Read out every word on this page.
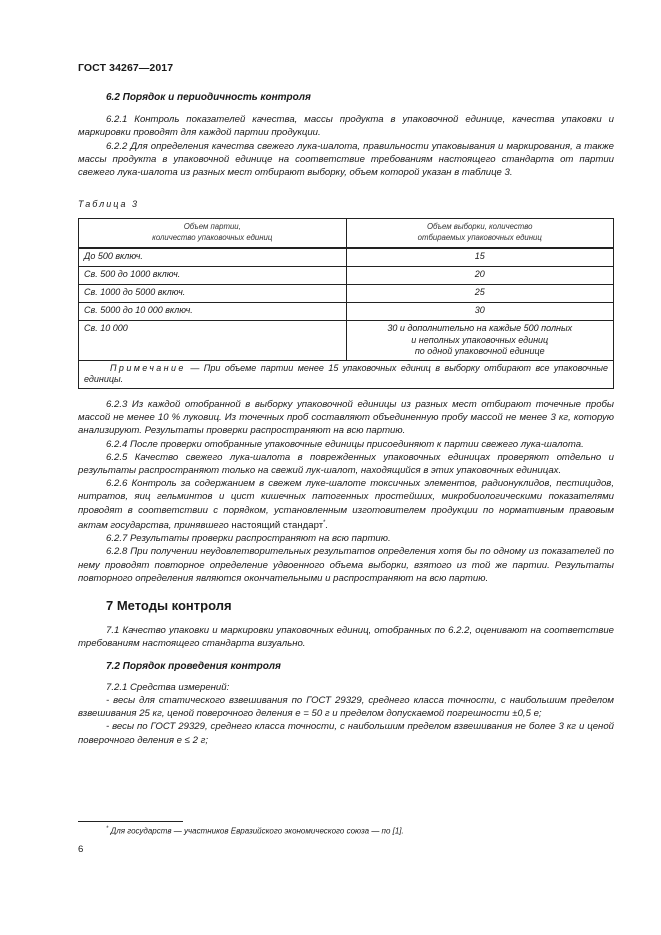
ГОСТ 34267—2017
6.2 Порядок и периодичность контроля

6.2.1 Контроль показателей качества, массы продукта в упаковочной единице, качества упаковки и маркировки проводят для каждой партии продукции.

6.2.2 Для определения качества свежего лука-шалота, правильности упаковывания и маркирования, а также массы продукта в упаковочной единице на соответствие требованиям настоящего стандарта от партии свежего лука-шалота из разных мест отбирают выборку, объем которой указан в таблице 3.

Таблица 3
Объем партии,
количество упаковочных единиц

Объем выборки, количество
отбираемых упаковочных единиц

До 500 включ.	15
Св. 500 до 1000 включ.	20
Св. 1000 до 5000 включ.	25
Св. 5000 до 10 000 включ.	30
Св. 10 000	30 и дополнительно на каждые 500 полных
и неполных упаковочных единиц
по одной упаковочной единице

Примечание — При объеме партии менее 15 упаковочных единиц в выборку отбирают все упаковочные единицы.	

6.2.3 Из каждой отобранной в выборку упаковочной единицы из разных мест отбирают точечные пробы массой не менее 10 % луковиц. Из точечных проб составляют объединенную пробу массой не менее 3 кг, которую анализируют. Результаты проверки распространяют на всю партию.

6.2.4 После проверки отобранные упаковочные единицы присоединяют к партии свежего лука-шалота.

6.2.5 Качество свежего лука-шалота в поврежденных упаковочных единицах проверяют отдельно и результаты распространяют только на свежий лук-шалот, находящийся в этих упаковочных единицах.

6.2.6 Контроль за содержанием в свежем луке-шалоте токсичных элементов, радионуклидов, пестицидов, нитратов, яиц гельминтов и цист кишечных патогенных простейших, микробиологическими показателями проводят в соответствии с порядком, установленным изготовителем продукции по нормативным правовым актам государства, принявшего настоящий стандарт*.

6.2.7 Результаты проверки распространяют на всю партию.

6.2.8 При получении неудовлетворительных результатов определения хотя бы по одному из показателей по нему проводят повторное определение удвоенного объема выборки, взятого из той же партии. Результаты повторного определения являются окончательными и распространяют на всю партию.

7 Методы контроля

7.1 Качество упаковки и маркировки упаковочных единиц, отобранных по 6.2.2, оценивают на соответствие требованиям настоящего стандарта визуально.

7.2 Порядок проведения контроля

7.2.1 Средства измерений:

- весы для статического взвешивания по ГОСТ 29329, среднего класса точности, с наибольшим пределом взвешивания 25 кг, ценой поверочного деления e = 50 г и пределом допускаемой погрешности ±0,5 e;

- весы по ГОСТ 29329, среднего класса точности, с наибольшим пределом взвешивания не более 3 кг и ценой поверочного деления e ≤ 2 г;

* Для государств — участников Евразийского экономического союза — по [1].
6
